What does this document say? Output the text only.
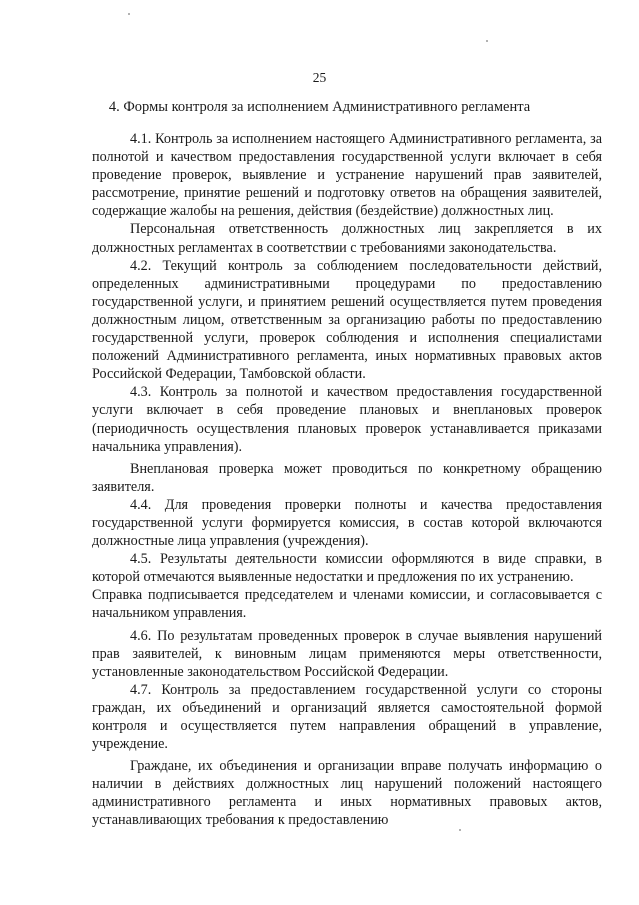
25
4. Формы контроля за исполнением Административного регламента

4.1. Контроль за исполнением настоящего Административного регламента, за полнотой и качеством предоставления государственной услуги включает в себя проведение проверок, выявление и устранение нарушений прав заявителей, рассмотрение, принятие решений и подготовку ответов на обращения заявителей, содержащие жалобы на решения, действия (бездействие) должностных лиц.

Персональная ответственность должностных лиц закрепляется в их должностных регламентах в соответствии с требованиями законодательства.

4.2. Текущий контроль за соблюдением последовательности действий, определенных административными процедурами по предоставлению государственной услуги, и принятием решений осуществляется путем проведения должностным лицом, ответственным за организацию работы по предоставлению государственной услуги, проверок соблюдения и исполнения специалистами положений Административного регламента, иных нормативных правовых актов Российской Федерации, Тамбовской области.

4.3. Контроль за полнотой и качеством предоставления государственной услуги включает в себя проведение плановых и внеплановых проверок (периодичность осуществления плановых проверок устанавливается приказами начальника управления).

Внеплановая проверка может проводиться по конкретному обращению заявителя.

4.4. Для проведения проверки полноты и качества предоставления государственной услуги формируется комиссия, в состав которой включаются должностные лица управления (учреждения).

4.5. Результаты деятельности комиссии оформляются в виде справки, в которой отмечаются выявленные недостатки и предложения по их устранению.

Справка подписывается председателем и членами комиссии, и согласовывается с начальником управления.

4.6. По результатам проведенных проверок в случае выявления нарушений прав заявителей, к виновным лицам применяются меры ответственности, установленные законодательством Российской Федерации.

4.7. Контроль за предоставлением государственной услуги со стороны граждан, их объединений и организаций является самостоятельной формой контроля и осуществляется путем направления обращений в управление, учреждение.

Граждане, их объединения и организации вправе получать информацию о наличии в действиях должностных лиц нарушений положений настоящего административного регламента и иных нормативных правовых актов, устанавливающих требования к предоставлению
